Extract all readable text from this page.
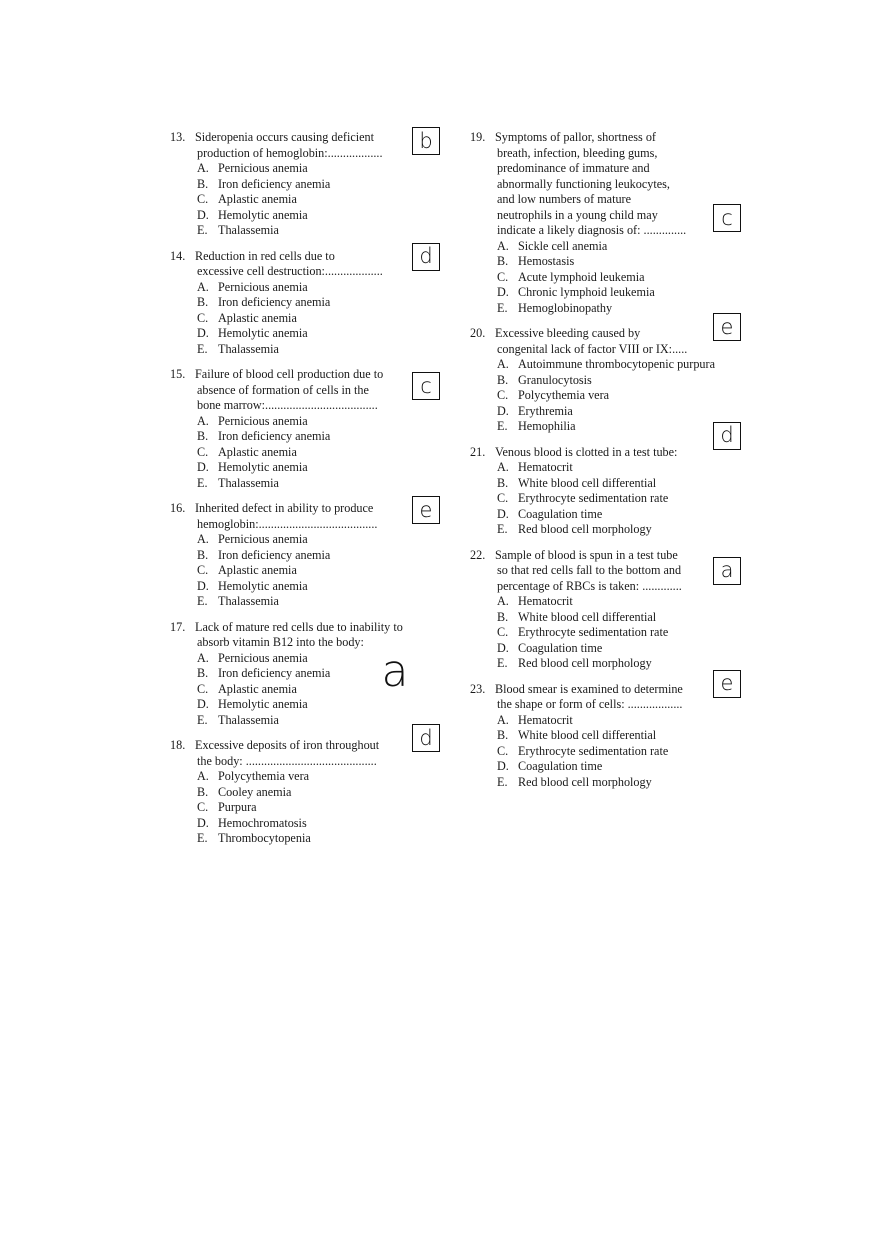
13. Sideropenia occurs causing deficient
production of hemoglobin:..................
A. Pernicious anemia
B. Iron deficiency anemia
C. Aplastic anemia
D. Hemolytic anemia
E. Thalassemia
b
14. Reduction in red cells due to
excessive cell destruction:...................
A. Pernicious anemia
B. Iron deficiency anemia
C. Aplastic anemia
D. Hemolytic anemia
E. Thalassemia
d
15. Failure of blood cell production due to
absence of formation of cells in the
bone marrow:.....................................
A. Pernicious anemia
B. Iron deficiency anemia
C. Aplastic anemia
D. Hemolytic anemia
E. Thalassemia
c
16. Inherited defect in ability to produce
hemoglobin:.......................................
A. Pernicious anemia
B. Iron deficiency anemia
C. Aplastic anemia
D. Hemolytic anemia
E. Thalassemia
e
17. Lack of mature red cells due to inability to
absorb vitamin B12 into the body:
A. Pernicious anemia
B. Iron deficiency anemia
C. Aplastic anemia
D. Hemolytic anemia
E. Thalassemia
a
18. Excessive deposits of iron throughout
the body: ...........................................
A. Polycythemia vera
B. Cooley anemia
C. Purpura
D. Hemochromatosis
E. Thrombocytopenia
d
19. Symptoms of pallor, shortness of
breath, infection, bleeding gums,
predominance of immature and
abnormally functioning leukocytes,
and low numbers of mature
neutrophils in a young child may
indicate a likely diagnosis of: ..............
A. Sickle cell anemia
B. Hemostasis
C. Acute lymphoid leukemia
D. Chronic lymphoid leukemia
E. Hemoglobinopathy
c
20. Excessive bleeding caused by
congenital lack of factor VIII or IX:.....
A. Autoimmune thrombocytopenic purpura
B. Granulocytosis
C. Polycythemia vera
D. Erythremia
E. Hemophilia
e
21. Venous blood is clotted in a test tube:
A. Hematocrit
B. White blood cell differential
C. Erythrocyte sedimentation rate
D. Coagulation time
E. Red blood cell morphology
d
22. Sample of blood is spun in a test tube
so that red cells fall to the bottom and
percentage of RBCs is taken: .............
A. Hematocrit
B. White blood cell differential
C. Erythrocyte sedimentation rate
D. Coagulation time
E. Red blood cell morphology
a
23. Blood smear is examined to determine
the shape or form of cells: ..................
A. Hematocrit
B. White blood cell differential
C. Erythrocyte sedimentation rate
D. Coagulation time
E. Red blood cell morphology
e
